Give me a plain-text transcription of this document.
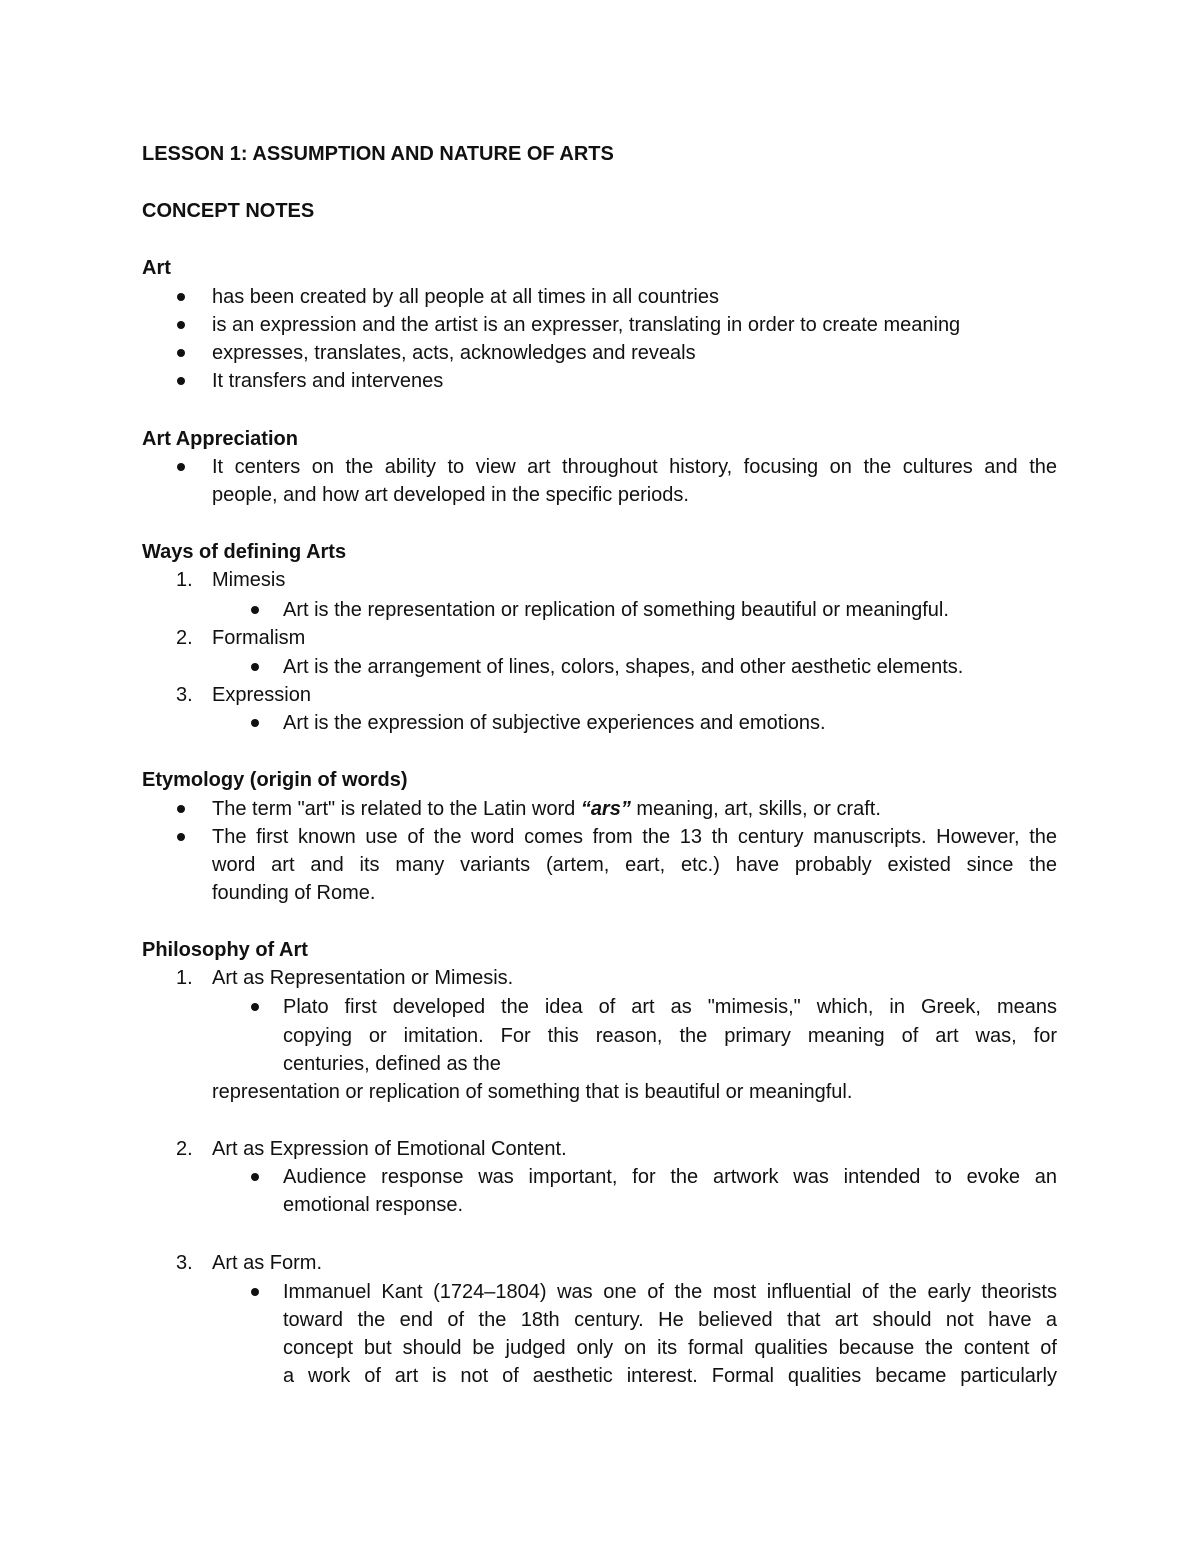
LESSON 1: ASSUMPTION AND NATURE OF ARTS
CONCEPT NOTES
Art
has been created by all people at all times in all countries
is an expression and the artist is an expresser, translating in order to create meaning
expresses, translates, acts, acknowledges and reveals
It transfers and intervenes
Art Appreciation
It centers on the ability to view art throughout history, focusing on the cultures and the
people, and how art developed in the specific periods.
Ways of defining Arts
1. Mimesis
Art is the representation or replication of something beautiful or meaningful.
2. Formalism
Art is the arrangement of lines, colors, shapes, and other aesthetic elements.
3. Expression
Art is the expression of subjective experiences and emotions.
Etymology (origin of words)
The term "art" is related to the Latin word “ars” meaning, art, skills, or craft.
The first known use of the word comes from the 13 th century manuscripts. However, the
word art and its many variants (artem, eart, etc.) have probably existed since the
founding of Rome.
Philosophy of Art
1. Art as Representation or Mimesis.
Plato first developed the idea of art as "mimesis," which, in Greek, means
copying or imitation. For this reason, the primary meaning of art was, for
centuries, defined as the
representation or replication of something that is beautiful or meaningful.
2. Art as Expression of Emotional Content.
Audience response was important, for the artwork was intended to evoke an
emotional response.
3. Art as Form.
Immanuel Kant (1724–1804) was one of the most influential of the early theorists
toward the end of the 18th century. He believed that art should not have a
concept but should be judged only on its formal qualities because the content of
a work of art is not of aesthetic interest. Formal qualities became particularly
